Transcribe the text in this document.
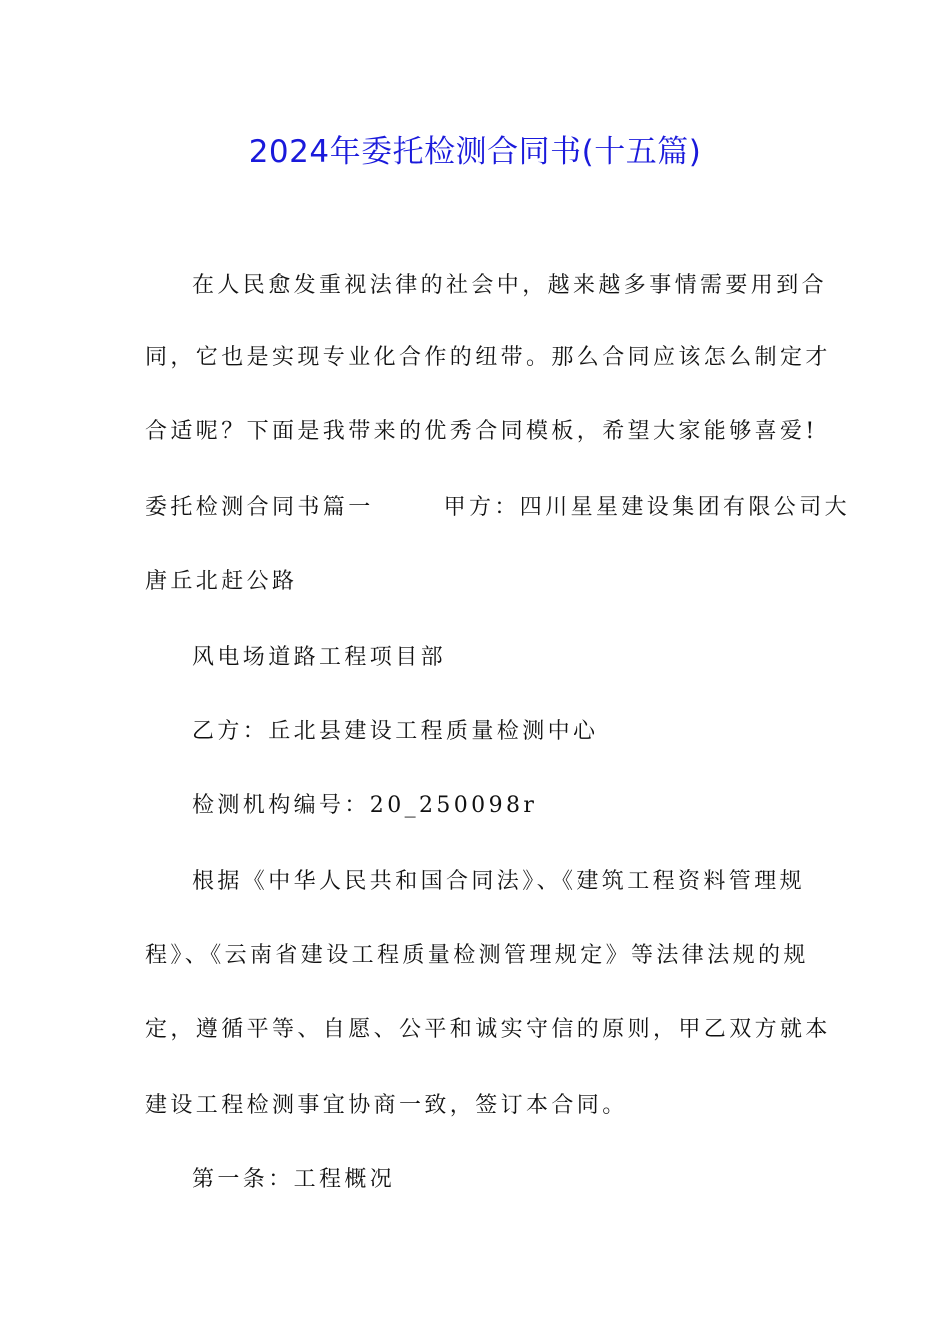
2024年委托检测合同书(十五篇)
在人民愈发重视法律的社会中，越来越多事情需要用到合
同，它也是实现专业化合作的纽带。那么合同应该怎么制定才
合适呢？下面是我带来的优秀合同模板，希望大家能够喜爱!
委托检测合同书篇一	甲方：四川星星建设集团有限公司大
唐丘北赶公路
风电场道路工程项目部
乙方：丘北县建设工程质量检测中心
检测机构编号：20_250098r
根据《中华人民共和国合同法》、《建筑工程资料管理规
程》、《云南省建设工程质量检测管理规定》等法律法规的规
定，遵循平等、自愿、公平和诚实守信的原则，甲乙双方就本
建设工程检测事宜协商一致，签订本合同。
第一条：工程概况
